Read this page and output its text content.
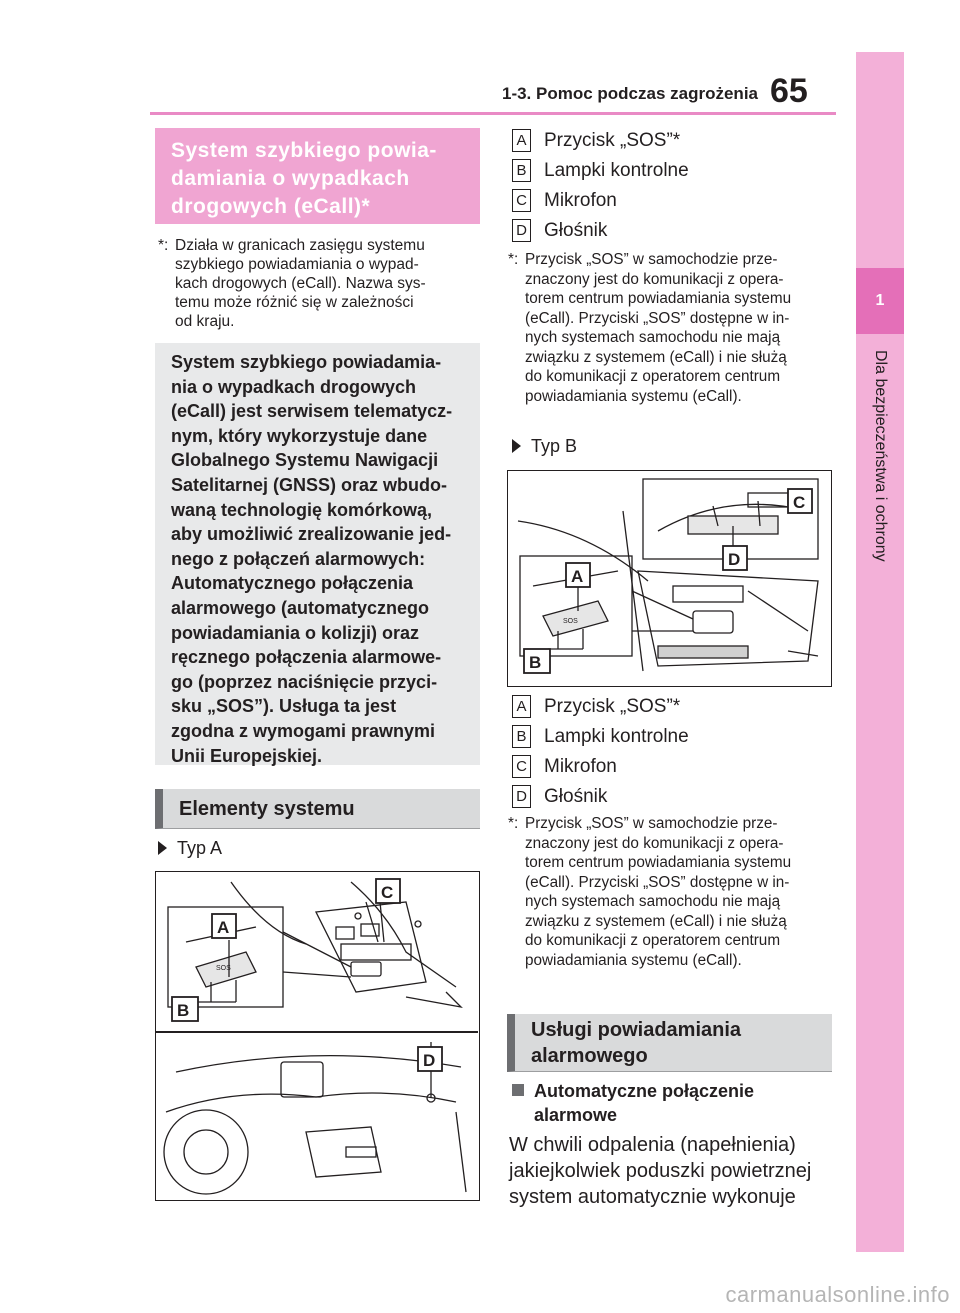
1-3. Pomoc podczas zagrożenia 65
1
Dla bezpieczeństwa i ochrony
System szybkiego powia-
damiania o wypadkach
drogowych (eCall)*
*: Działa w granicach zasięgu systemu
szybkiego powiadamiania o wypad-
kach drogowych (eCall). Nazwa sys-
temu może różnić się w zależności
od kraju.
System szybkiego powiadamia-
nia o wypadkach drogowych
(eCall) jest serwisem telematycz-
nym, który wykorzystuje dane
Globalnego Systemu Nawigacji
Satelitarnej (GNSS) oraz wbudo-
waną technologię komórkową,
aby umożliwić zrealizowanie jed-
nego z połączeń alarmowych:
Automatycznego połączenia
alarmowego (automatycznego
powiadamiania o kolizji) oraz
ręcznego połączenia alarmowe-
go (poprzez naciśnięcie przyci-
sku „SOS”). Usługa ta jest
zgodna z wymogami prawnymi
Unii Europejskiej.
Elementy systemu
Typ A
SOS
A
B
C
D
A Przycisk „SOS”*
B Lampki kontrolne
C Mikrofon
D Głośnik
*: Przycisk „SOS” w samochodzie prze-
znaczony jest do komunikacji z opera-
torem centrum powiadamiania systemu
(eCall). Przyciski „SOS” dostępne w in-
nych systemach samochodu nie mają
związku z systemem (eCall) i nie służą
do komunikacji z operatorem centrum
powiadamiania systemu (eCall).
Typ B
SOS
A
B
C
D
A Przycisk „SOS”*
B Lampki kontrolne
C Mikrofon
D Głośnik
*: Przycisk „SOS” w samochodzie prze-
znaczony jest do komunikacji z opera-
torem centrum powiadamiania systemu
(eCall). Przyciski „SOS” dostępne w in-
nych systemach samochodu nie mają
związku z systemem (eCall) i nie służą
do komunikacji z operatorem centrum
powiadamiania systemu (eCall).
Usługi powiadamiania
alarmowego
Automatyczne połączenie
alarmowe
W chwili odpalenia (napełnienia)
jakiejkolwiek poduszki powietrznej
system automatycznie wykonuje
carmanualsonline.info
